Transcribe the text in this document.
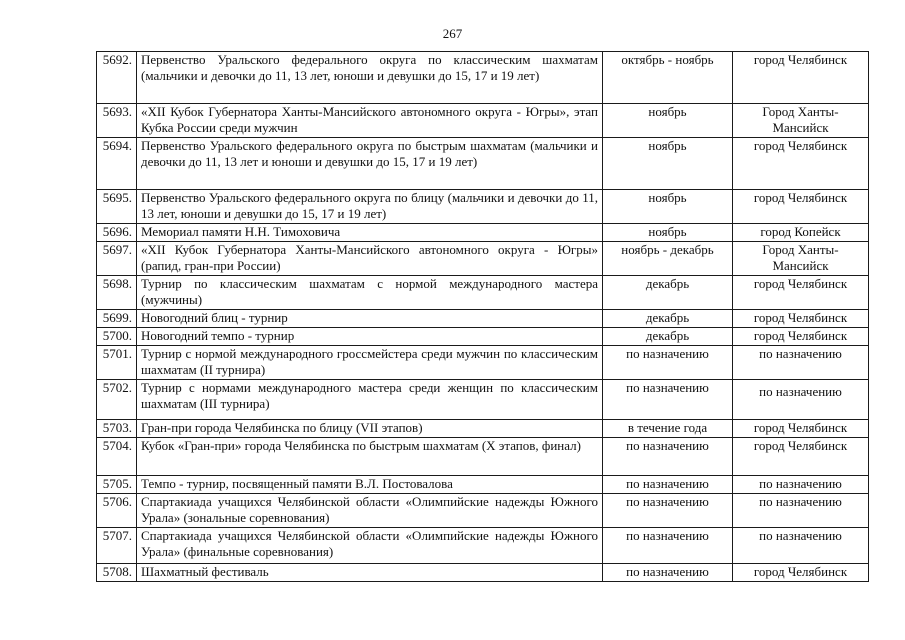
267
5692.	Первенство Уральского федерального округа по классическим шахматам (мальчики и девочки до 11, 13 лет, юноши и девушки до 15, 17 и 19 лет)	октябрь - ноябрь	город Челябинск
5693.	«XII Кубок Губернатора Ханты-Мансийского автономного округа - Югры», этап Кубка России среди мужчин	ноябрь	Город Ханты-Мансийск
5694.	Первенство Уральского федерального округа по быстрым шахматам (мальчики и девочки до 11, 13 лет и юноши и девушки до 15, 17 и 19 лет)	ноябрь	город Челябинск
5695.	Первенство Уральского федерального округа по блицу (мальчики и девочки до 11, 13 лет, юноши и девушки до 15, 17 и 19 лет)	ноябрь	город Челябинск
5696.	Мемориал памяти Н.Н. Тимоховича	ноябрь	город Копейск
5697.	«XII Кубок Губернатора Ханты-Мансийского автономного округа - Югры» (рапид, гран-при России)	ноябрь - декабрь	Город Ханты-Мансийск
5698.	Турнир по классическим шахматам с нормой международного мастера (мужчины)	декабрь	город Челябинск
5699.	Новогодний блиц - турнир	декабрь	город Челябинск
5700.	Новогодний темпо - турнир	декабрь	город Челябинск
5701.	Турнир с нормой международного гроссмейстера среди мужчин по классическим шахматам (II турнира)	по назначению	по назначению
5702.	Турнир с нормами международного мастера среди женщин по классическим шахматам (III турнира)	по назначению	по назначению
5703.	Гран-при города Челябинска по блицу (VII этапов)	в течение года	город Челябинск
5704.	Кубок «Гран-при» города Челябинска по быстрым шахматам (Х этапов, финал)	по назначению	город Челябинск
5705.	Темпо - турнир, посвященный памяти В.Л. Постовалова	по назначению	по назначению
5706.	Спартакиада учащихся Челябинской области «Олимпийские надежды Южного Урала» (зональные соревнования)	по назначению	по назначению
5707.	Спартакиада учащихся Челябинской области «Олимпийские надежды Южного Урала» (финальные соревнования)	по назначению	по назначению
5708.	Шахматный фестиваль	по назначению	город Челябинск
